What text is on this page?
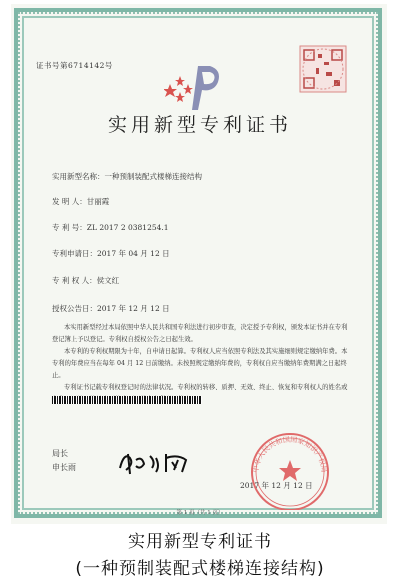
证书号第6714142号
实用新型专利证书
实用新型名称：一种预制装配式楼梯连接结构
发 明 人：甘丽霞
专 利 号：ZL 2017 2 0381254.1
专利申请日：2017 年 04 月 12 日
专 利 权 人：侯文红
授权公告日：2017 年 12 月 12 日
本实用新型经过本局依照中华人民共和国专利法进行初步审查，决定授予专利权，颁发本证书并在专利登记簿上予以登记。专利权自授权公告之日起生效。
本专利的专利权期限为十年，自申请日起算。专利权人应当依照专利法及其实施细则规定缴纳年费。本专利的年费应当在每年 04 月 12 日前缴纳。未按照规定缴纳年费的，专利权自应当缴纳年费期满之日起终止。
专利证书记载专利权登记时的法律状况。专利权的转移、质押、无效、终止、恢复和专利权人的姓名或
局长
申长雨	中华人民共和国国家知识产权局
2017 年 12 月 12 日
第 1 页（共 1 页）
实用新型专利证书
(一种预制装配式楼梯连接结构)
